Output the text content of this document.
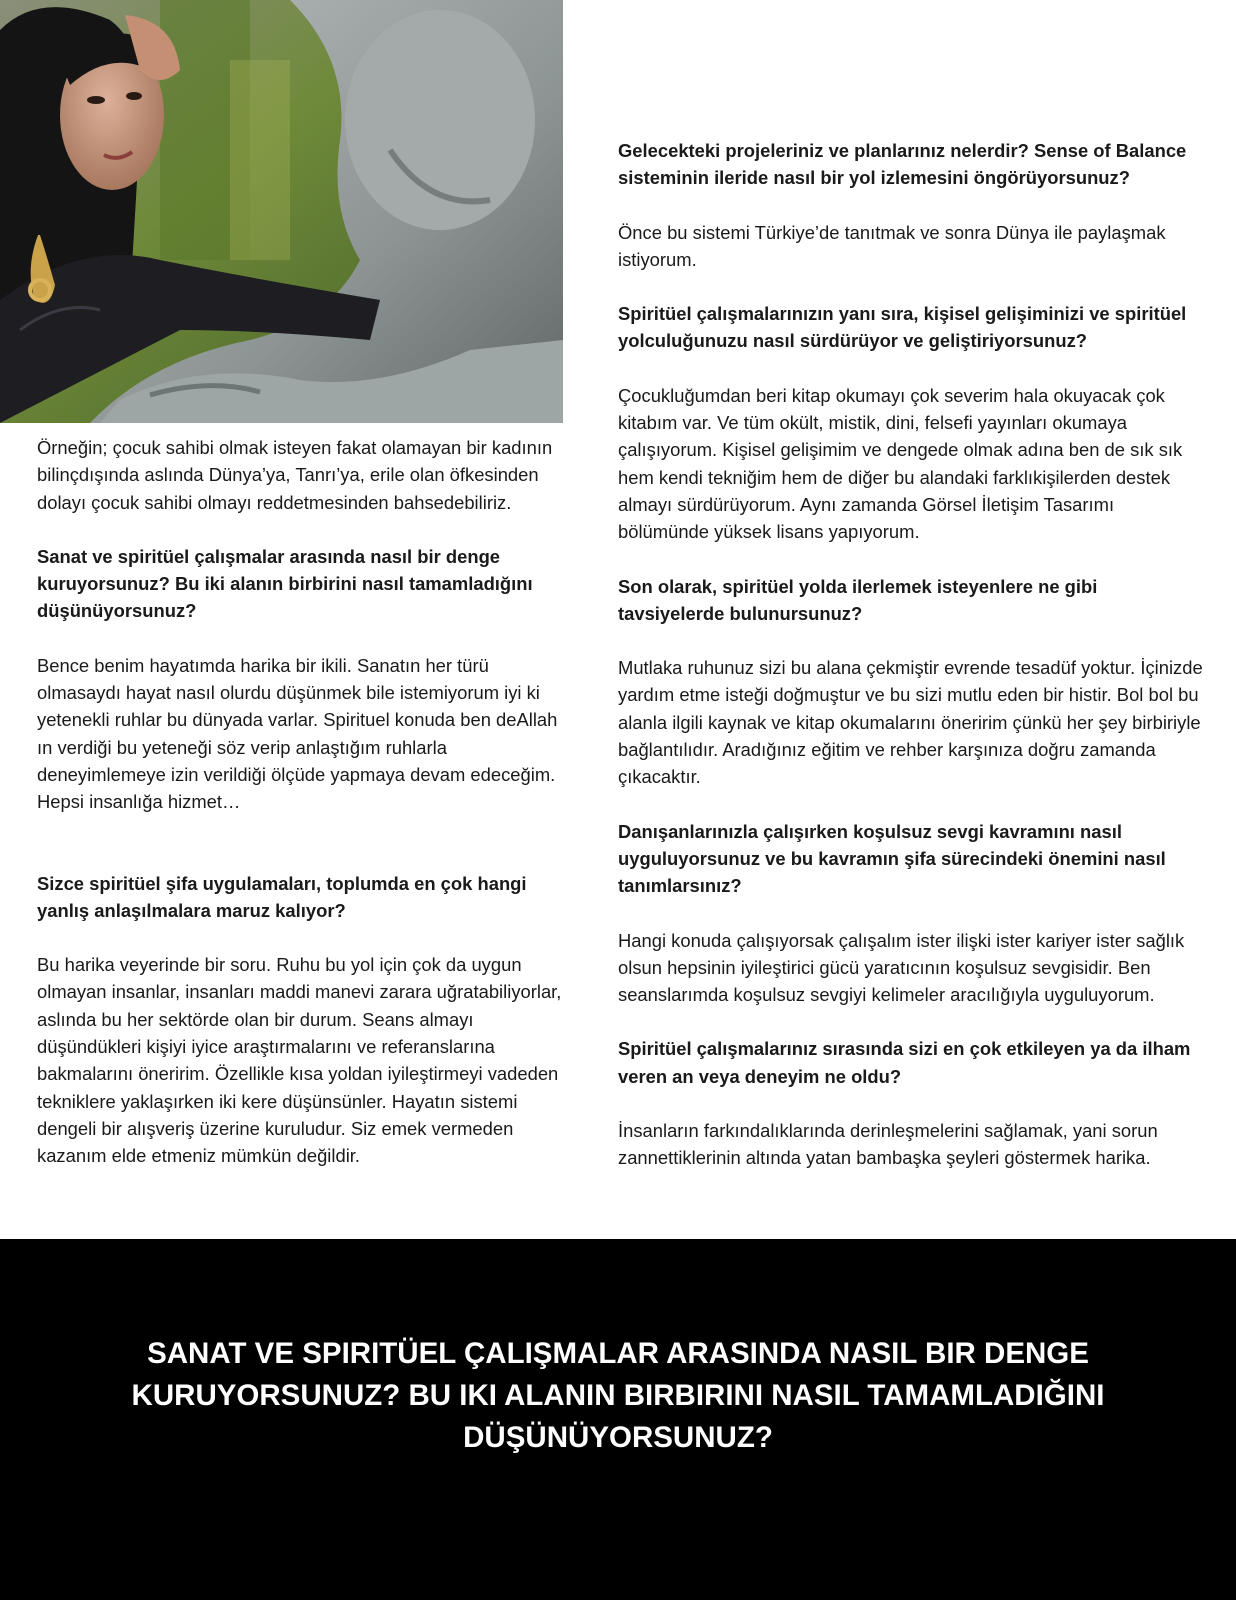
Örneğin; çocuk sahibi olmak isteyen fakat olamayan bir kadının bilinçdışında aslında Dünya’ya, Tanrı’ya, erile olan öfkesinden dolayı çocuk sahibi olmayı reddetmesinden bahsedebiliriz.

Sanat ve spiritüel çalışmalar arasında nasıl bir denge kuruyorsunuz? Bu iki alanın birbirini nasıl tamamladığını düşünüyorsunuz?

Bence benim hayatımda harika bir ikili. Sanatın her türü olmasaydı hayat nasıl olurdu düşünmek bile istemiyorum iyi ki yetenekli ruhlar bu dünyada varlar. Spirituel konuda ben deAllah ın verdiği bu yeteneği söz verip anlaştığım ruhlarla deneyimlemeye izin verildiği ölçüde yapmaya devam edeceğim. Hepsi insanlığa hizmet…

Sizce spiritüel şifa uygulamaları, toplumda en çok hangi yanlış anlaşılmalara maruz kalıyor?

Bu harika veyerinde bir soru. Ruhu bu yol için çok da uygun olmayan insanlar, insanları maddi manevi zarara uğratabiliyorlar, aslında bu her sektörde olan bir durum. Seans almayı düşündükleri kişiyi iyice araştırmalarını ve referanslarına bakmalarını öneririm. Özellikle kısa yoldan iyileştirmeyi vadeden tekniklere yaklaşırken iki kere düşünsünler. Hayatın sistemi dengeli bir alışveriş üzerine kuruludur. Siz emek vermeden kazanım elde etmeniz mümkün değildir.

Gelecekteki projeleriniz ve planlarınız nelerdir? Sense of Balance sisteminin ileride nasıl bir yol izlemesini öngörüyorsunuz?

Önce bu sistemi Türkiye’de tanıtmak ve sonra Dünya ile paylaşmak istiyorum.

Spiritüel çalışmalarınızın yanı sıra, kişisel gelişiminizi ve spiritüel yolculuğunuzu nasıl sürdürüyor ve geliştiriyorsunuz?

Çocukluğumdan beri kitap okumayı çok severim hala okuyacak çok kitabım var. Ve tüm okült, mistik, dini, felsefi yayınları okumaya çalışıyorum. Kişisel gelişimim ve dengede olmak adına ben de sık sık hem kendi tekniğim hem de diğer bu alandaki farklıkişilerden destek almayı sürdürüyorum. Aynı zamanda Görsel İletişim Tasarımı bölümünde yüksek lisans yapıyorum.

Son olarak, spiritüel yolda ilerlemek isteyenlere ne gibi tavsiyelerde bulunursunuz?

Mutlaka ruhunuz sizi bu alana çekmiştir evrende tesadüf yoktur. İçinizde yardım etme isteği doğmuştur ve bu sizi mutlu eden bir histir. Bol bol bu alanla ilgili kaynak ve kitap okumalarını öneririm çünkü her şey birbiriyle bağlantılıdır. Aradığınız eğitim ve rehber karşınıza doğru zamanda çıkacaktır.

Danışanlarınızla çalışırken koşulsuz sevgi kavramını nasıl uyguluyorsunuz ve bu kavramın şifa sürecindeki önemini nasıl tanımlarsınız?

Hangi konuda çalışıyorsak çalışalım ister ilişki ister kariyer ister sağlık olsun hepsinin iyileştirici gücü yaratıcının koşulsuz sevgisidir. Ben seanslarımda koşulsuz sevgiyi kelimeler aracılığıyla uyguluyorum.

Spiritüel çalışmalarınız sırasında sizi en çok etkileyen ya da ilham veren an veya deneyim ne oldu?

İnsanların farkındalıklarında derinleşmelerini sağlamak, yani sorun zannettiklerinin altında yatan bambaşka şeyleri göstermek harika.

SANAT VE SPIRITÜEL ÇALIŞMALAR ARASINDA NASIL BIR DENGE KURUYORSUNUZ? BU IKI ALANIN BIRBIRINI NASIL TAMAMLADIĞINI DÜŞÜNÜYORSUNUZ?
